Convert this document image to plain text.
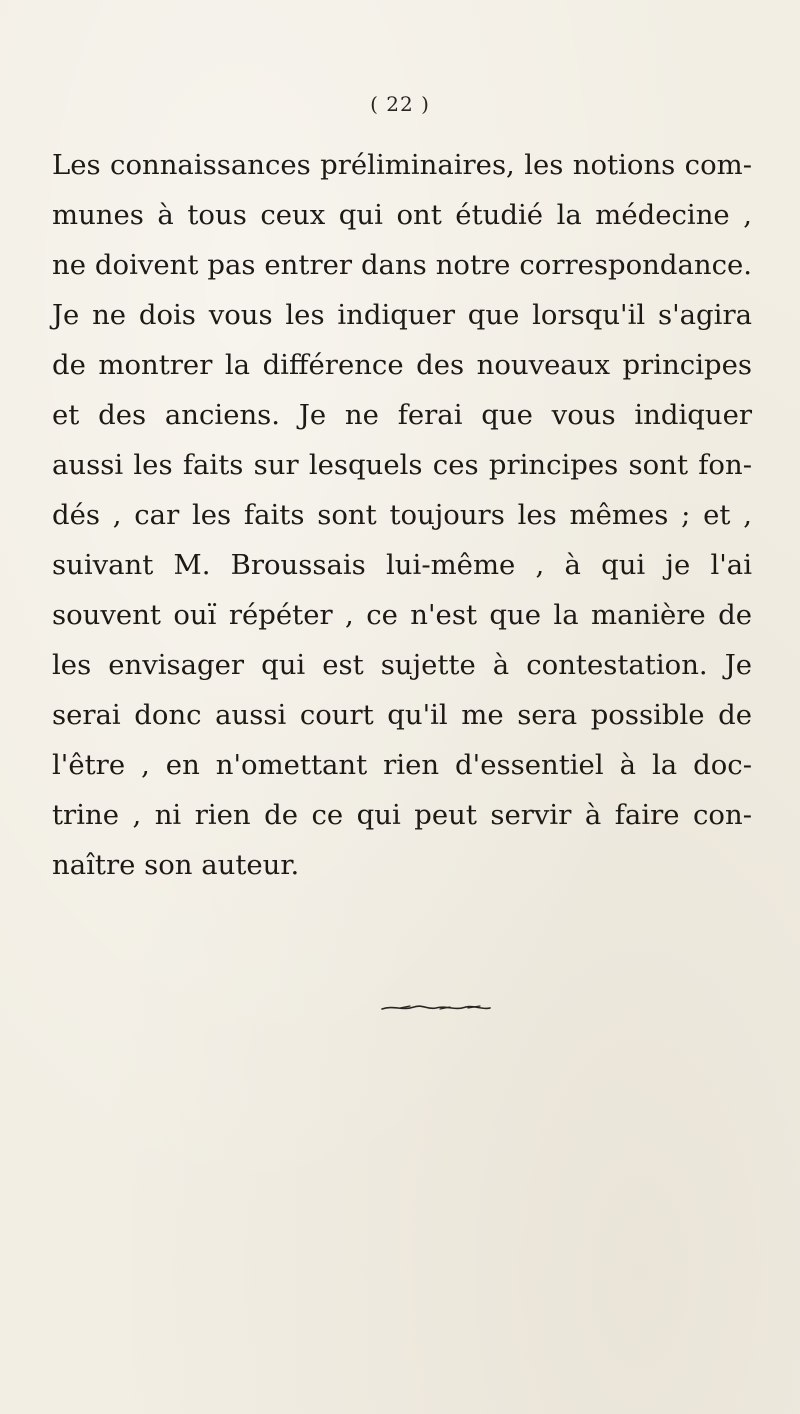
( 22 )
Les connaissances préliminaires, les notions com-
munes à tous ceux qui ont étudié la médecine ,
ne doivent pas entrer dans notre correspondance.
Je ne dois vous les indiquer que lorsqu'il s'agira
de montrer la différence des nouveaux principes
et des anciens. Je ne ferai que vous indiquer
aussi les faits sur lesquels ces principes sont fon-
dés , car les faits sont toujours les mêmes ; et ,
suivant M. Broussais lui-même , à qui je l'ai
souvent ouï répéter , ce n'est que la manière de
les envisager qui est sujette à contestation. Je
serai donc aussi court qu'il me sera possible de
l'être , en n'omettant rien d'essentiel à la doc-
trine , ni rien de ce qui peut servir à faire con-
naître son auteur.
